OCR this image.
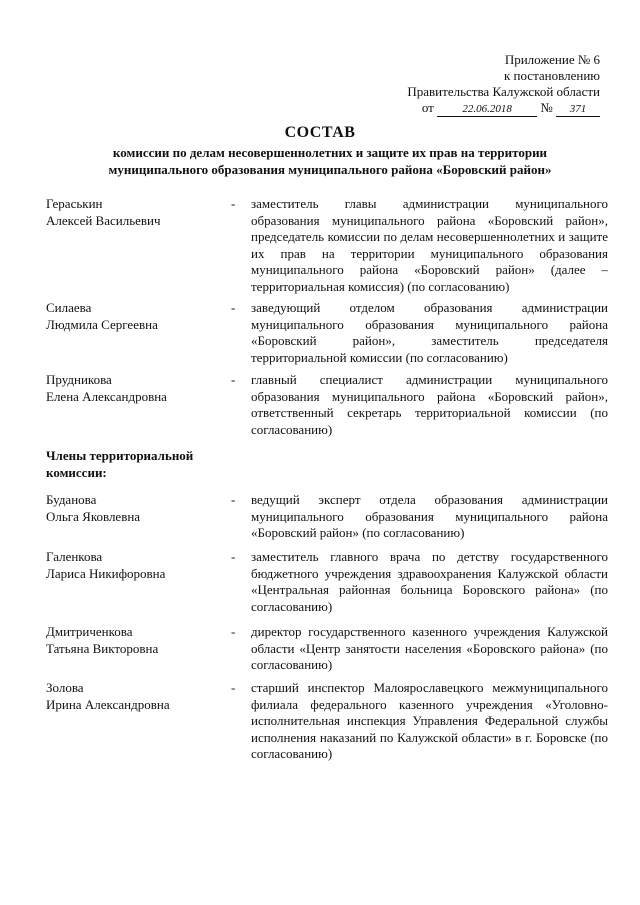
Приложение № 6
к постановлению
Правительства Калужской области
от	22.06.2018 № 371
СОСТАВ
комиссии по делам несовершеннолетних и защите их прав на территории
муниципального образования муниципального района «Боровский район»
Гераськин
Алексей Васильевич
- заместитель главы администрации муниципального образования муниципального района «Боровский район», председатель комиссии по делам несовершеннолетних и защите их прав на территории муниципального образования муниципального района «Боровский район» (далее – территориальная комиссия) (по согласованию)
Силаева
Людмила Сергеевна
- заведующий отделом образования администрации муниципального образования муниципального района «Боровский район», заместитель председателя территориальной комиссии (по согласованию)
Прудникова
Елена Александровна
- главный специалист администрации муниципального образования муниципального района «Боровский район», ответственный секретарь территориальной комиссии (по согласованию)
Члены территориальной
комиссии:
Буданова
Ольга Яковлевна
- ведущий эксперт отдела образования администрации муниципального образования муниципального района «Боровский район» (по согласованию)
Галенкова
Лариса Никифоровна
- заместитель главного врача по детству государственного бюджетного учреждения здравоохранения Калужской области «Центральная районная больница Боровского района» (по согласованию)
Дмитриченкова
Татьяна Викторовна
- директор государственного казенного учреждения Калужской области «Центр занятости населения «Боровского района» (по согласованию)
Золова
Ирина Александровна
- старший инспектор Малоярославецкого межмуниципального филиала федерального казенного учреждения «Уголовно-исполнительная инспекция Управления Федеральной службы исполнения наказаний по Калужской области» в г. Боровске (по согласованию)
